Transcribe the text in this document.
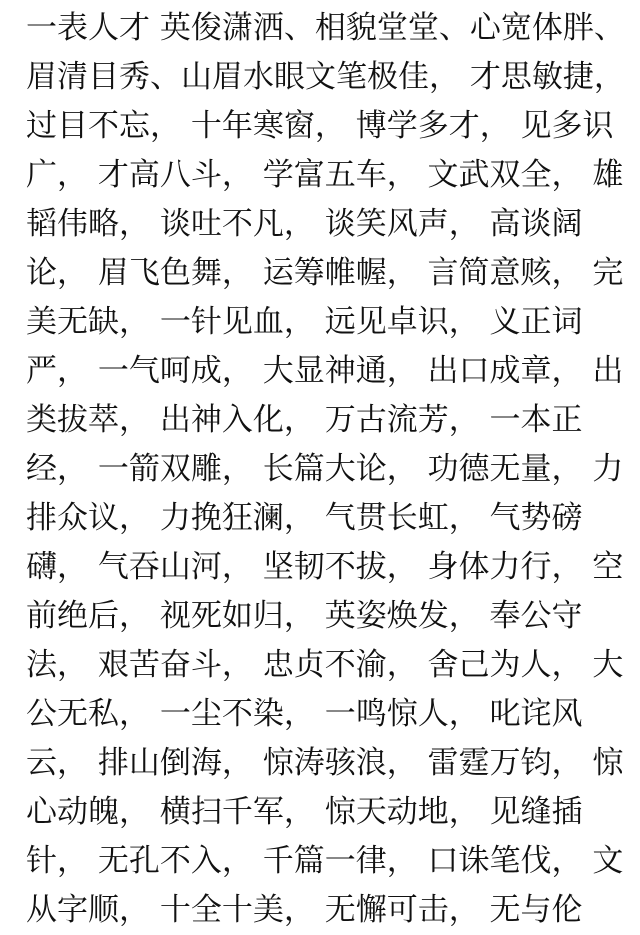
一表人才 英俊潇洒、相貌堂堂、心宽体胖、
眉清目秀、山眉水眼文笔极佳， 才思敏捷，
过目不忘， 十年寒窗， 博学多才， 见多识
广， 才高八斗， 学富五车， 文武双全， 雄
韬伟略， 谈吐不凡， 谈笑风声， 高谈阔
论， 眉飞色舞， 运筹帷幄， 言简意赅， 完
美无缺， 一针见血， 远见卓识， 义正词
严， 一气呵成， 大显神通， 出口成章， 出
类拔萃， 出神入化， 万古流芳， 一本正
经， 一箭双雕， 长篇大论， 功德无量， 力
排众议， 力挽狂澜， 气贯长虹， 气势磅
礴， 气吞山河， 坚韧不拔， 身体力行， 空
前绝后， 视死如归， 英姿焕发， 奉公守
法， 艰苦奋斗， 忠贞不渝， 舍己为人， 大
公无私， 一尘不染， 一鸣惊人， 叱诧风
云， 排山倒海， 惊涛骇浪， 雷霆万钧， 惊
心动魄， 横扫千军， 惊天动地， 见缝插
针， 无孔不入， 千篇一律， 口诛笔伐， 文
从字顺， 十全十美， 无懈可击， 无与伦
